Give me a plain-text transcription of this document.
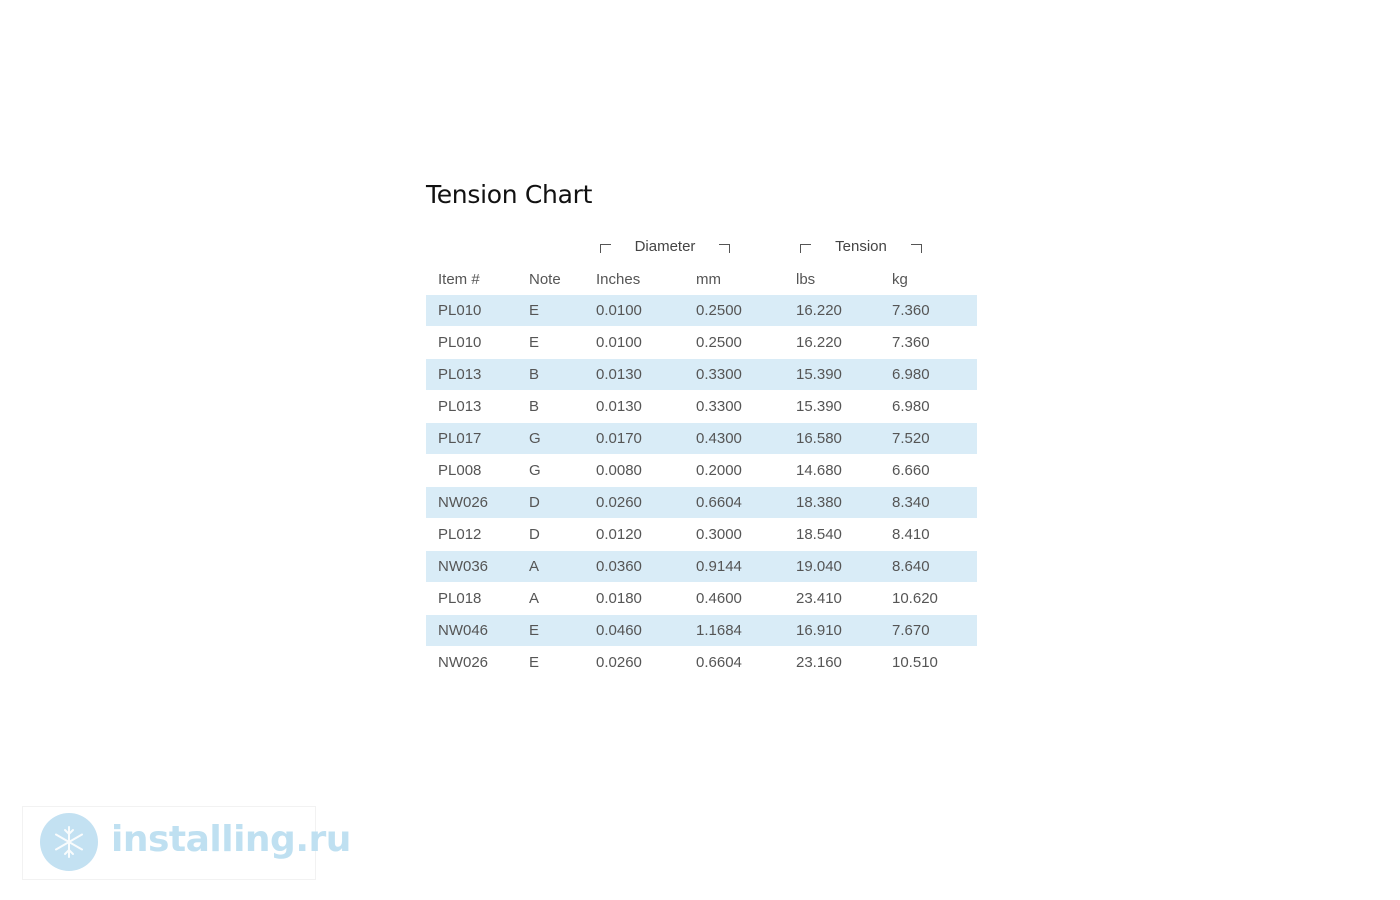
Tension Chart
Diameter	Tension
Item #	Note	Inches	mm	lbs	kg
PL010	E	0.0100	0.2500	16.220	7.360
PL010	E	0.0100	0.2500	16.220	7.360
PL013	B	0.0130	0.3300	15.390	6.980
PL013	B	0.0130	0.3300	15.390	6.980
PL017	G	0.0170	0.4300	16.580	7.520
PL008	G	0.0080	0.2000	14.680	6.660
NW026	D	0.0260	0.6604	18.380	8.340
PL012	D	0.0120	0.3000	18.540	8.410
NW036	A	0.0360	0.9144	19.040	8.640
PL018	A	0.0180	0.4600	23.410	10.620
NW046	E	0.0460	1.1684	16.910	7.670
NW026	E	0.0260	0.6604	23.160	10.510
installing.ru
